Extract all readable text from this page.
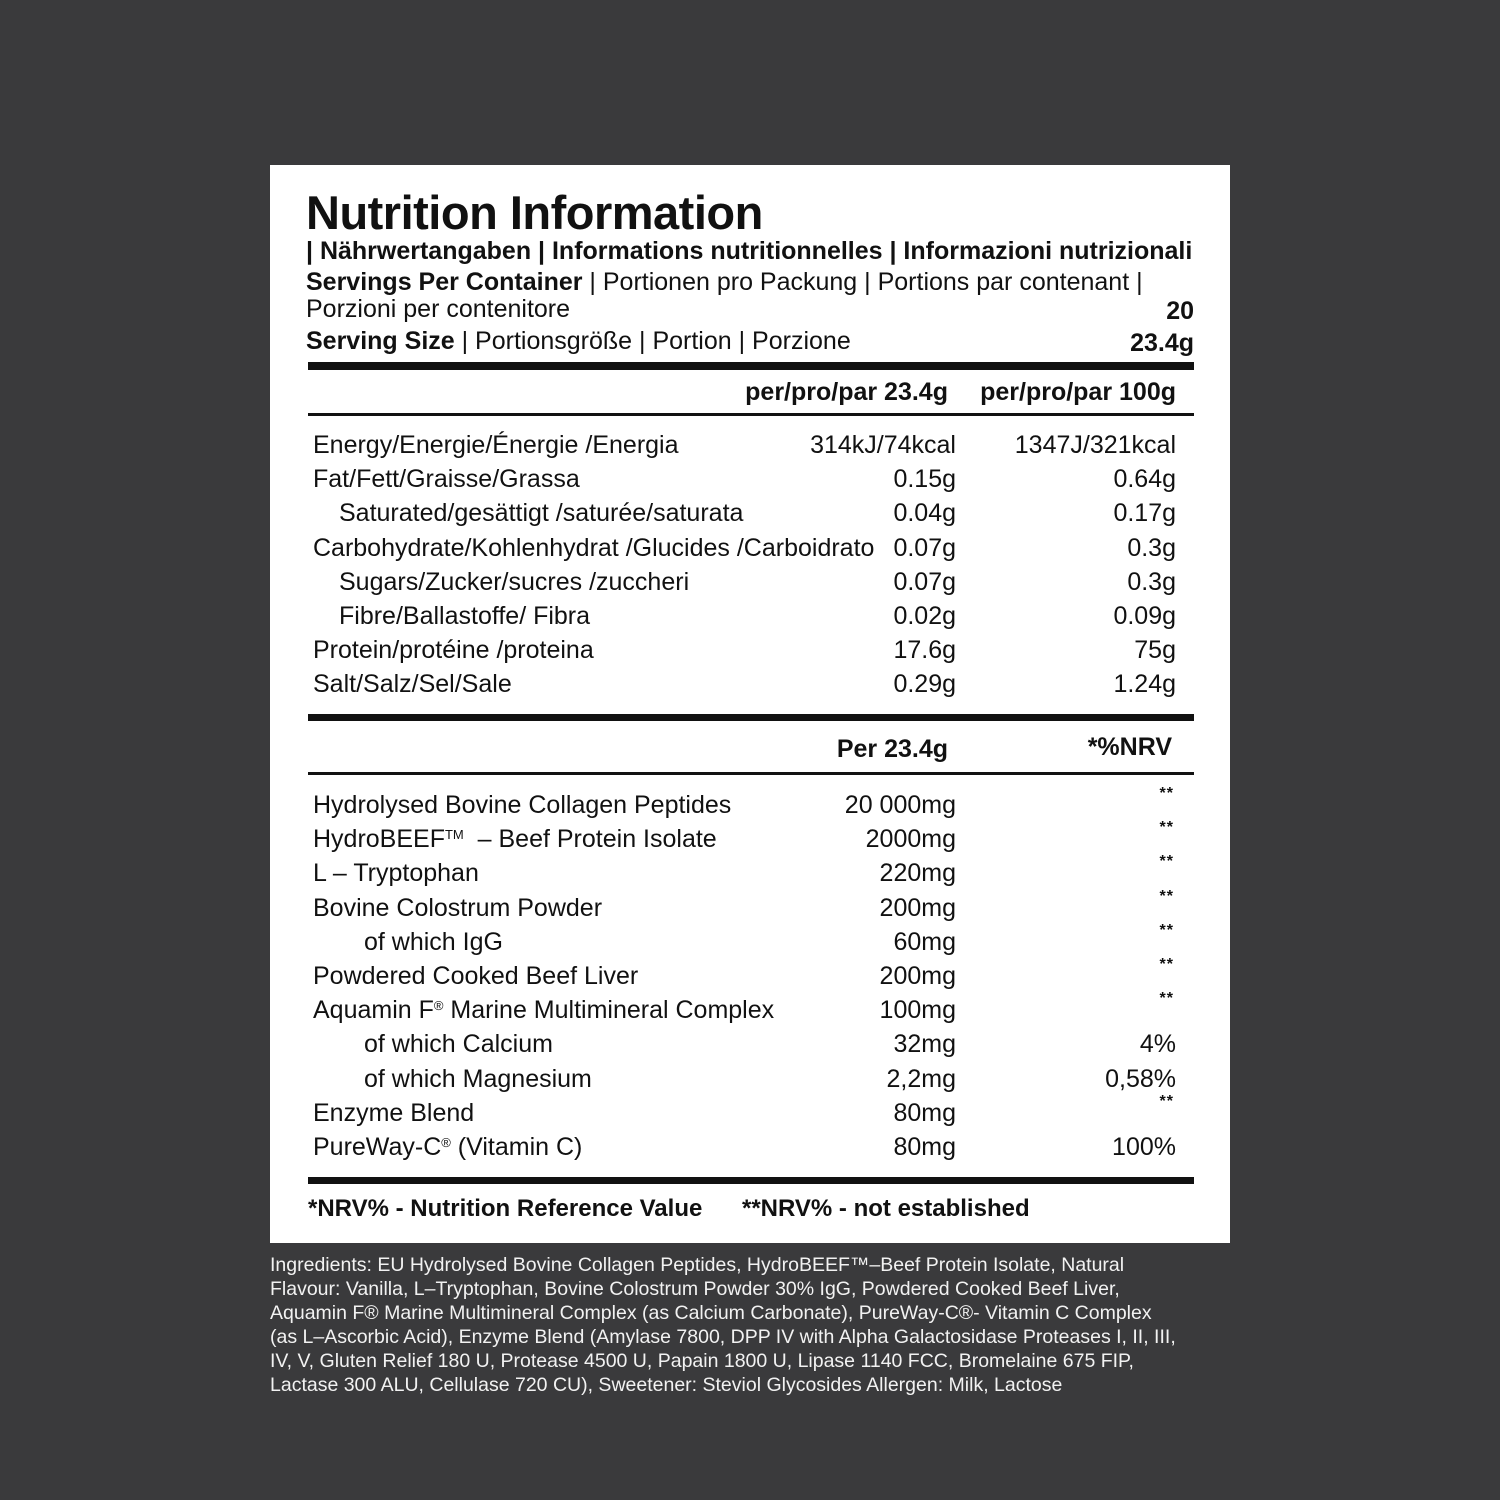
Nutrition Information
| Nährwertangaben | Informations nutritionnelles | Informazioni nutrizionali
Servings Per Container | Portionen pro Packung | Portions par contenant |
Porzioni per contenitore	20
Serving Size | Portionsgröße | Portion | Porzione	23.4g
per/pro/par 23.4g per/pro/par 100g
Energy/Energie/Énergie /Energia	314kJ/74kcal 1347J/321kcal
Fat/Fett/Graisse/Grassa	0.15g	0.64g
Saturated/gesättigt /saturée/saturata	0.04g	0.17g
Carbohydrate/Kohlenhydrat /Glucides /Carboidrato 0.07g	0.3g
Sugars/Zucker/sucres /zuccheri	0.07g	0.3g
Fibre/Ballastoffe/ Fibra	0.02g	0.09g
Protein/protéine /proteina	17.6g	75g
Salt/Salz/Sel/Sale	0.29g	1.24g
Per 23.4g	*%NRV
Hydrolysed Bovine Collagen Peptides	20 000mg	**
HydroBEEF™  – Beef Protein Isolate	2000mg	**
L – Tryptophan	220mg	**
Bovine Colostrum Powder	200mg	**
of which IgG	60mg	**
Powdered Cooked Beef Liver	200mg	**
Aquamin F® Marine Multimineral Complex	100mg	**
of which Calcium	32mg	4%
of which Magnesium	2,2mg	0,58%
Enzyme Blend	80mg	**
PureWay-C® (Vitamin C)	80mg	100%
*NRV% - Nutrition Reference Value **NRV% - not established
Ingredients: EU Hydrolysed Bovine Collagen Peptides, HydroBEEF™–Beef Protein Isolate, Natural
Flavour: Vanilla, L–Tryptophan, Bovine Colostrum Powder 30% IgG, Powdered Cooked Beef Liver,
Aquamin F® Marine Multimineral Complex (as Calcium Carbonate), PureWay-C®- Vitamin C Complex
(as L–Ascorbic Acid), Enzyme Blend (Amylase 7800, DPP IV with Alpha Galactosidase Proteases I, II, III,
IV, V, Gluten Relief 180 U, Protease 4500 U, Papain 1800 U, Lipase 1140 FCC, Bromelaine 675 FIP,
Lactase 300 ALU, Cellulase 720 CU), Sweetener: Steviol Glycosides Allergen: Milk, Lactose
